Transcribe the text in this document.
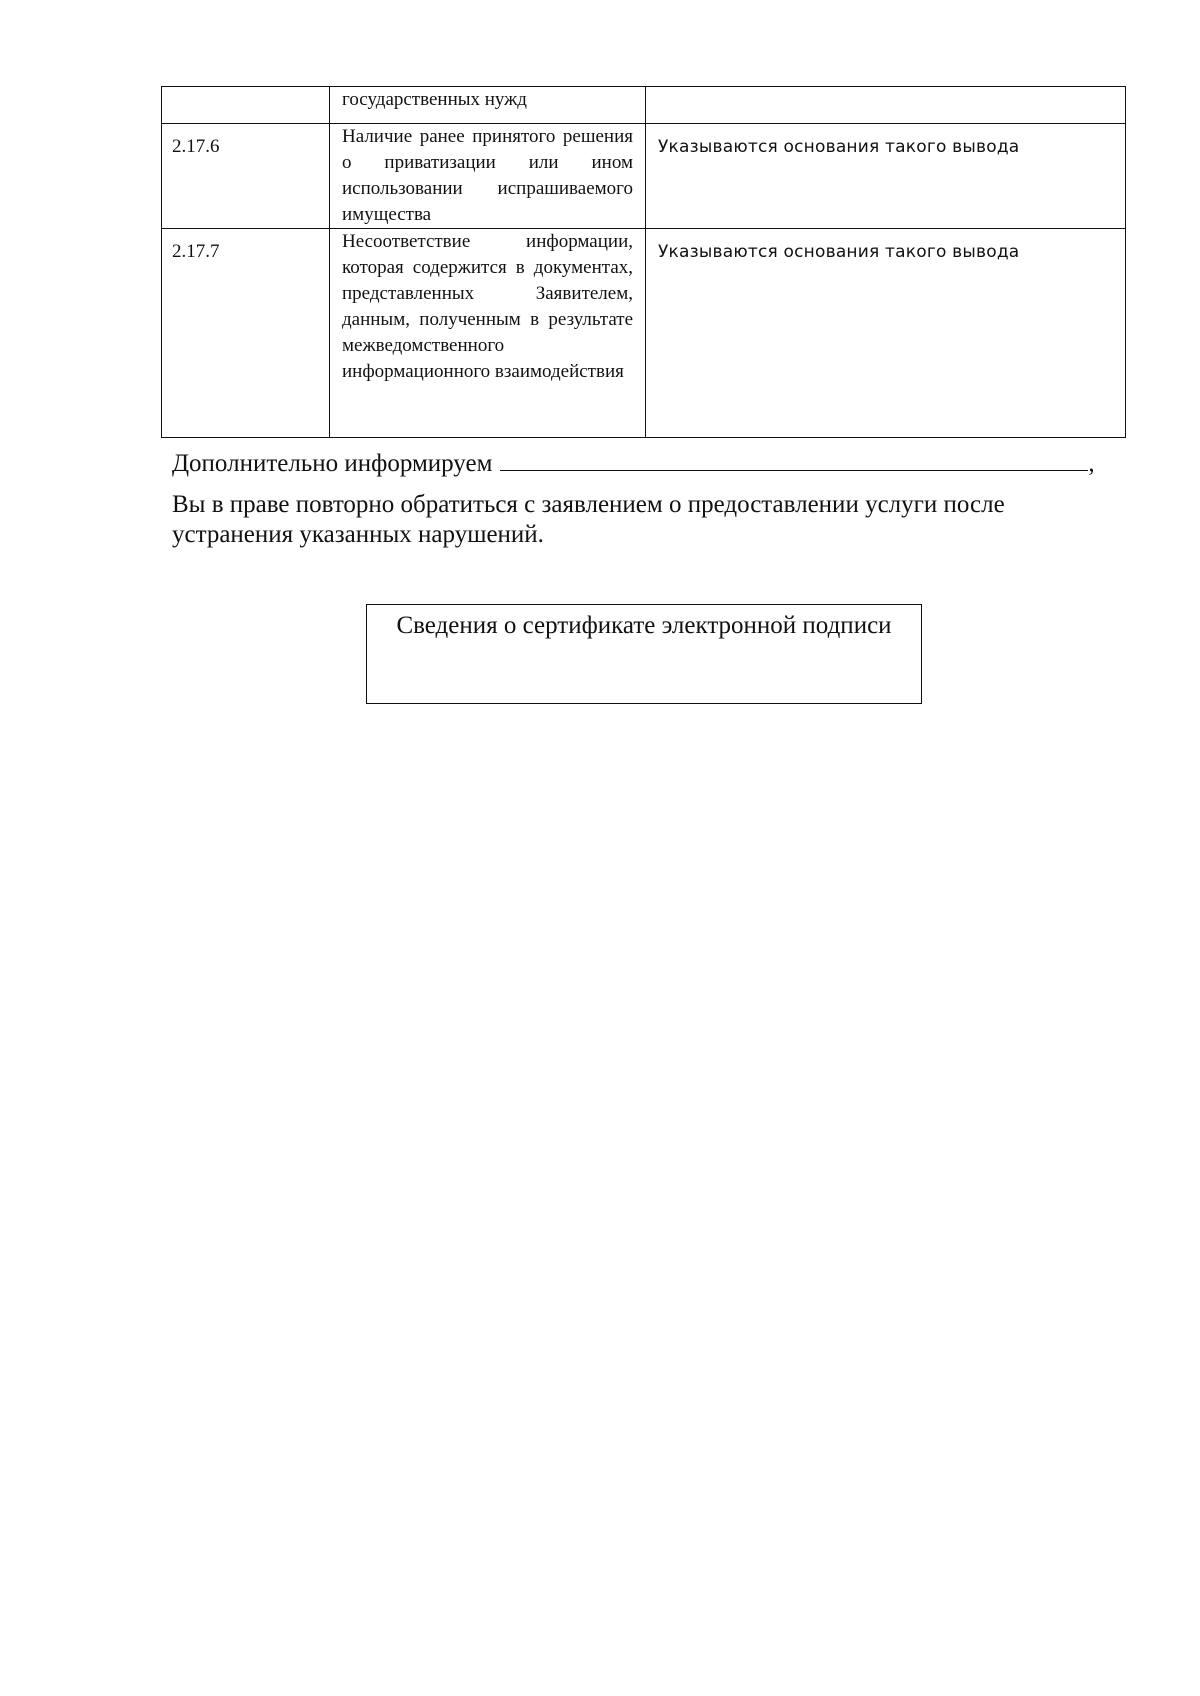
	государственных нужд	
2.17.6	Наличие ранее принятого решения о приватизации или ином использовании испрашиваемого имущества	Указываются основания такого вывода
2.17.7	Несоответствие информации, которая содержится в документах, представленных Заявителем, данным, полученным в результате межведомственного информационного взаимодействия	Указываются основания такого вывода
Дополнительно информируем	,
Вы в праве повторно обратиться с заявлением о предоставлении услуги после устранения указанных нарушений.
Сведения о сертификате электронной подписи
